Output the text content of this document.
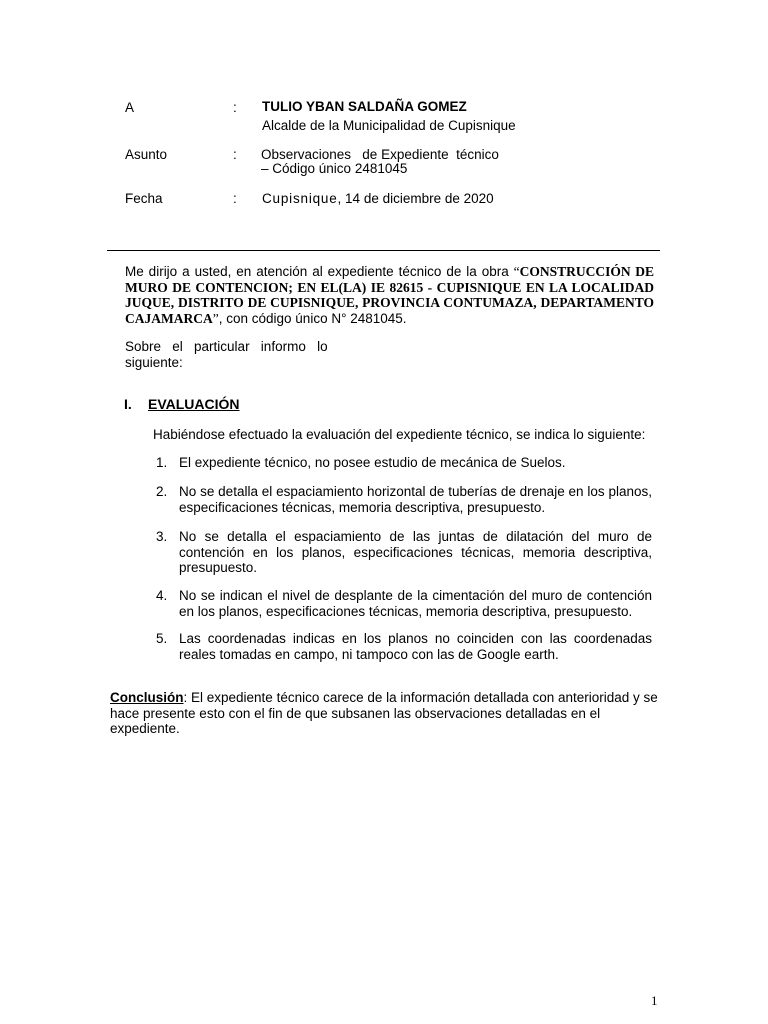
A	: TULIO YBAN SALDAÑA GOMEZ
Alcalde de la Municipalidad de Cupisnique
Asunto	: Observaciones   de Expediente  técnico
– Código único 2481045
Fecha	: Cupisnique, 14 de diciembre de 2020
Me dirijo a usted, en atención al expediente técnico de la obra “CONSTRUCCIÓN DE MURO DE CONTENCION; EN EL(LA) IE 82615 - CUPISNIQUE EN LA LOCALIDAD JUQUE, DISTRITO DE CUPISNIQUE, PROVINCIA CONTUMAZA, DEPARTAMENTO CAJAMARCA”, con código único N° 2481045.
Sobre   el   particular   informo   lo
siguiente:
I. EVALUACIÓN
Habiéndose efectuado la evaluación del expediente técnico, se indica lo siguiente:
1. El expediente técnico, no posee estudio de mecánica de Suelos.
2. No se detalla el espaciamiento horizontal de tuberías de drenaje en los planos, especificaciones técnicas, memoria descriptiva, presupuesto.
3. No se detalla el espaciamiento de las juntas de dilatación del muro de contención en los planos, especificaciones técnicas, memoria descriptiva, presupuesto.
4. No se indican el nivel de desplante de la cimentación del muro de contención en los planos, especificaciones técnicas, memoria descriptiva, presupuesto.
5. Las coordenadas indicas en los planos no coinciden con las coordenadas reales tomadas en campo, ni tampoco con las de Google earth.
Conclusión: El expediente técnico carece de la información detallada con anterioridad y se
hace presente esto con el fin de que subsanen las observaciones detalladas en el expediente.
1
